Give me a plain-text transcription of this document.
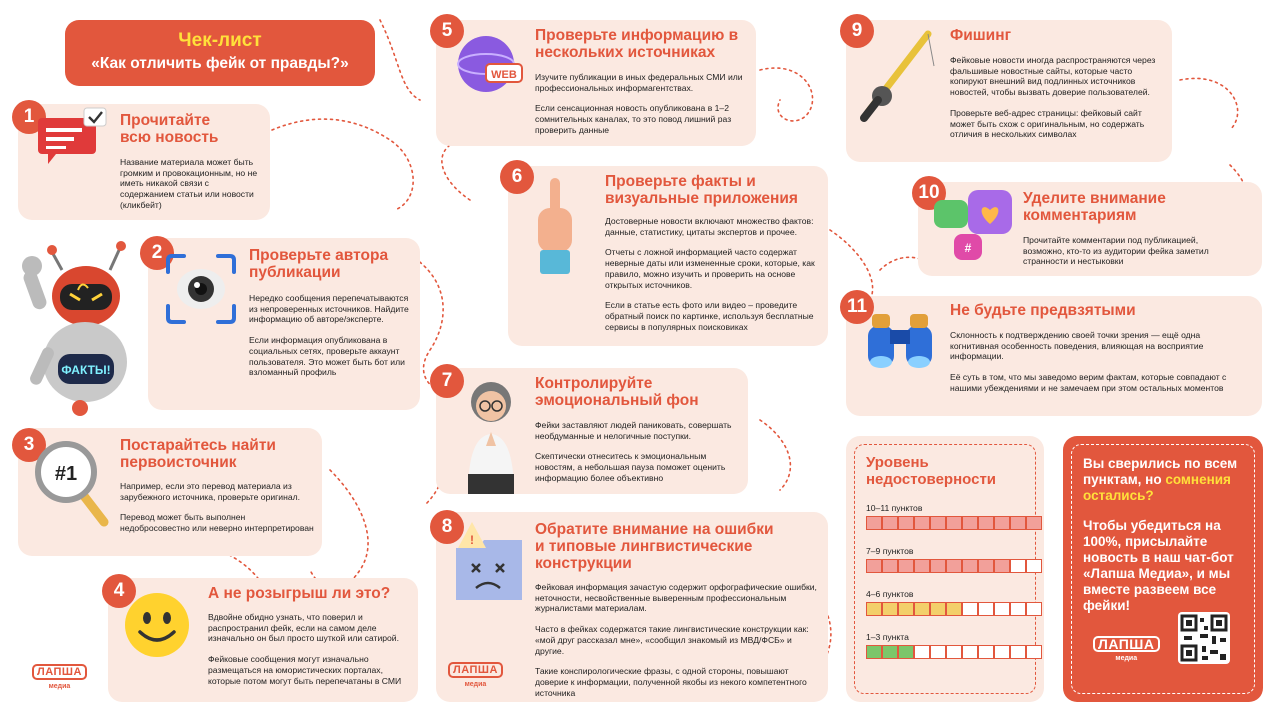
Чек-лист
«Как отличить фейк от правды?»
1	Прочитайте всю новость

Название материала может быть громким и провокационным, но не иметь никакой связи с содержанием статьи или новости (кликбейт)

2	Проверьте автора публикации

Нередко сообщения перепечатываются из непроверенных источников. Найдите информацию об авторе/эксперте.

Если информация опубликована в социальных сетях, проверьте аккаунт пользователя. Это может быть бот или взломанный профиль

ФАКТЫ!
3
#1
Постарайтесь найти первоисточник

Например, если это перевод материала из зарубежного источника, проверьте оригинал.

Перевод может быть выполнен недобросовестно или неверно интерпретирован

4	А не розыгрыш ли это?

Вдвойне обидно узнать, что поверил и распространил фейк, если на самом деле изначально он был просто шуткой или сатирой.

Фейковые сообщения могут изначально размещаться на юмористических порталах, которые потом могут быть перепечатаны в СМИ

ЛАПША
медиа
5
WEB
Проверьте информацию в нескольких источниках

Изучите публикации в иных федеральных СМИ или профессиональных информагентствах.

Если сенсационная новость опубликована в 1–2 сомнительных каналах, то это повод лишний раз проверить данные

6	Проверьте факты и визуальные приложения

Достоверные новости включают множество фактов: данные, статистику, цитаты экспертов и прочее.

Отчеты с ложной информацией часто содержат неверные даты или измененные сроки, которые, как правило, можно изучить и проверить на основе открытых источников.

Если в статье есть фото или видео – проведите обратный поиск по картинке, используя бесплатные сервисы в популярных поисковиках

7	Контролируйте эмоциональный фон

Фейки заставляют людей паниковать, совершать необдуманные и нелогичные поступки.

Скептически отнеситесь к эмоциональным новостям, а небольшая пауза поможет оценить информацию более объективно

8
!
Обратите внимание на ошибки и типовые лингвистические конструкции

Фейковая информация зачастую содержит орфографические ошибки, неточности, несвойственные выверенным профессиональным журналистами материалам.

Часто в фейках содержатся такие лингвистические конструкции как: «мой друг рассказал мне», «сообщил знакомый из МВД/ФСБ» и другие.

Такие конспирологические фразы, с одной стороны, повышают доверие к информации, полученной якобы из некого компетентного источника

ЛАПША
медиа
9	Фишинг

Фейковые новости иногда распространяются через фальшивые новостные сайты, которые часто копируют внешний вид подлинных источников новостей, чтобы вызвать доверие пользователей.

Проверьте веб-адрес страницы: фейковый сайт может быть схож с оригинальным, но содержать отличия в нескольких символах

10
#
Уделите внимание комментариям

Прочитайте комментарии под публикацией, возможно, кто-то из аудитории фейка заметил странности и нестыковки

11	Не будьте предвзятыми

Склонность к подтверждению своей точки зрения — ещё одна когнитивная особенность поведения, влияющая на восприятие информации.

Её суть в том, что мы заведомо верим фактам, которые совпадают с нашими убеждениями и не замечаем при этом остальных моментов

Уровень недостоверности
10–11 пунктов
7–9 пунктов
4–6 пунктов
1–3 пункта
Вы сверились по всем пунктам, но сомнения остались?
Чтобы убедиться на 100%, присылайте новость в наш чат-бот «Лапша Медиа», и мы вместе развеем все фейки!
ЛАПША
медиа
